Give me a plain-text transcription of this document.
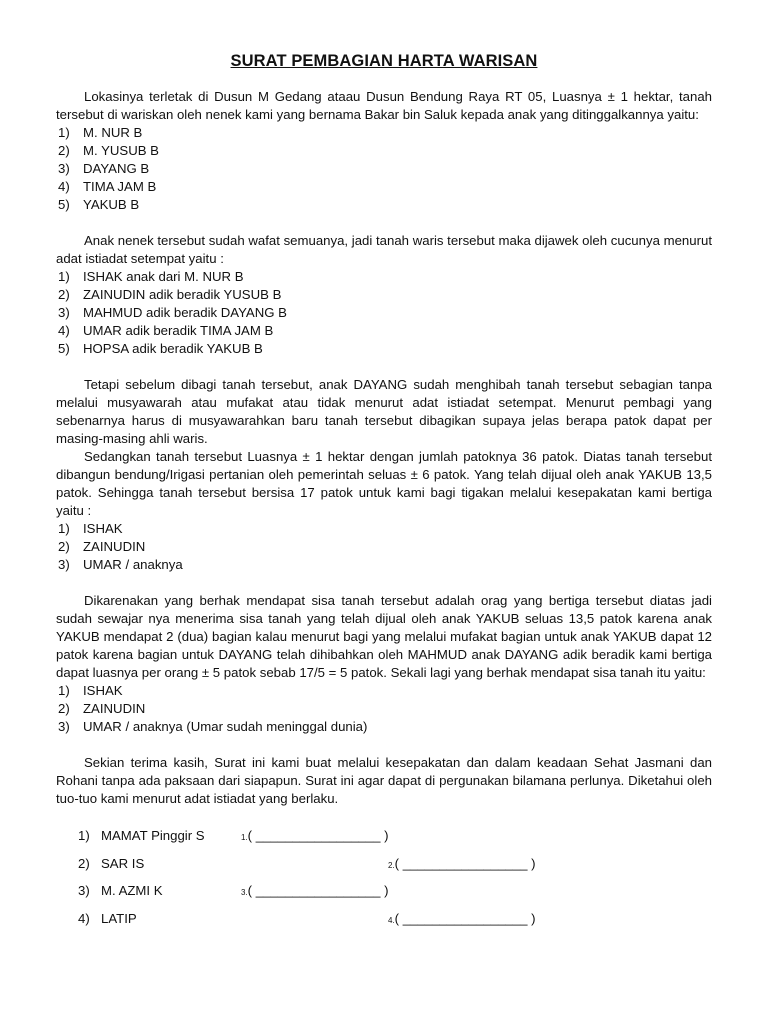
SURAT PEMBAGIAN HARTA WARISAN

Lokasinya terletak di Dusun M Gedang ataau Dusun Bendung Raya RT 05, Luasnya ± 1 hektar, tanah tersebut di wariskan oleh nenek kami yang bernama Bakar bin Saluk kepada anak yang ditinggalkannya yaitu:

1)	M. NUR B
2)	M. YUSUB B
3)	DAYANG B
4)	TIMA JAM B
5)	YAKUB B

Anak nenek tersebut sudah wafat semuanya, jadi tanah waris tersebut maka dijawek oleh cucunya menurut adat istiadat setempat yaitu :

1)	ISHAK anak dari M. NUR B
2)	ZAINUDIN adik beradik YUSUB B
3)	MAHMUD adik beradik DAYANG B
4)	UMAR adik beradik TIMA JAM B
5)	HOPSA adik beradik YAKUB B

Tetapi sebelum dibagi tanah tersebut, anak DAYANG sudah menghibah tanah tersebut sebagian tanpa melalui musyawarah atau mufakat atau tidak menurut adat istiadat setempat. Menurut pembagi yang sebenarnya harus di musyawarahkan baru tanah tersebut dibagikan supaya jelas berapa patok dapat per masing-masing ahli waris.

Sedangkan tanah tersebut Luasnya ± 1 hektar dengan jumlah patoknya 36 patok. Diatas tanah tersebut dibangun bendung/Irigasi pertanian oleh pemerintah seluas ± 6 patok. Yang telah dijual oleh anak YAKUB 13,5 patok. Sehingga tanah tersebut bersisa 17 patok untuk kami bagi tigakan melalui kesepakatan kami bertiga yaitu :

1)	ISHAK
2)	ZAINUDIN
3)	UMAR / anaknya

Dikarenakan yang berhak mendapat sisa tanah tersebut adalah orag yang bertiga tersebut diatas jadi sudah sewajar nya menerima sisa tanah yang telah dijual oleh anak YAKUB seluas 13,5 patok karena anak YAKUB mendapat 2 (dua) bagian kalau menurut bagi yang melalui mufakat bagian untuk anak YAKUB dapat 12 patok karena bagian untuk DAYANG telah dihibahkan oleh MAHMUD anak DAYANG adik beradik kami bertiga dapat luasnya per orang ± 5 patok sebab 17/5 = 5 patok. Sekali lagi yang berhak mendapat sisa tanah itu yaitu:

1)	ISHAK
2)	ZAINUDIN
3)	UMAR / anaknya (Umar sudah meninggal dunia)

Sekian terima kasih, Surat ini kami buat melalui kesepakatan dan dalam keadaan Sehat Jasmani dan Rohani tanpa ada paksaan dari siapapun. Surat ini agar dapat di pergunakan bilamana perlunya. Diketahui oleh tuo-tuo kami menurut adat istiadat yang berlaku.

1) MAMAT Pinggir S	1.( _________________ )
2) SAR IS	2.( _________________ )
3) M. AZMI K	3.( _________________ )
4) LATIP	4.( _________________ )
